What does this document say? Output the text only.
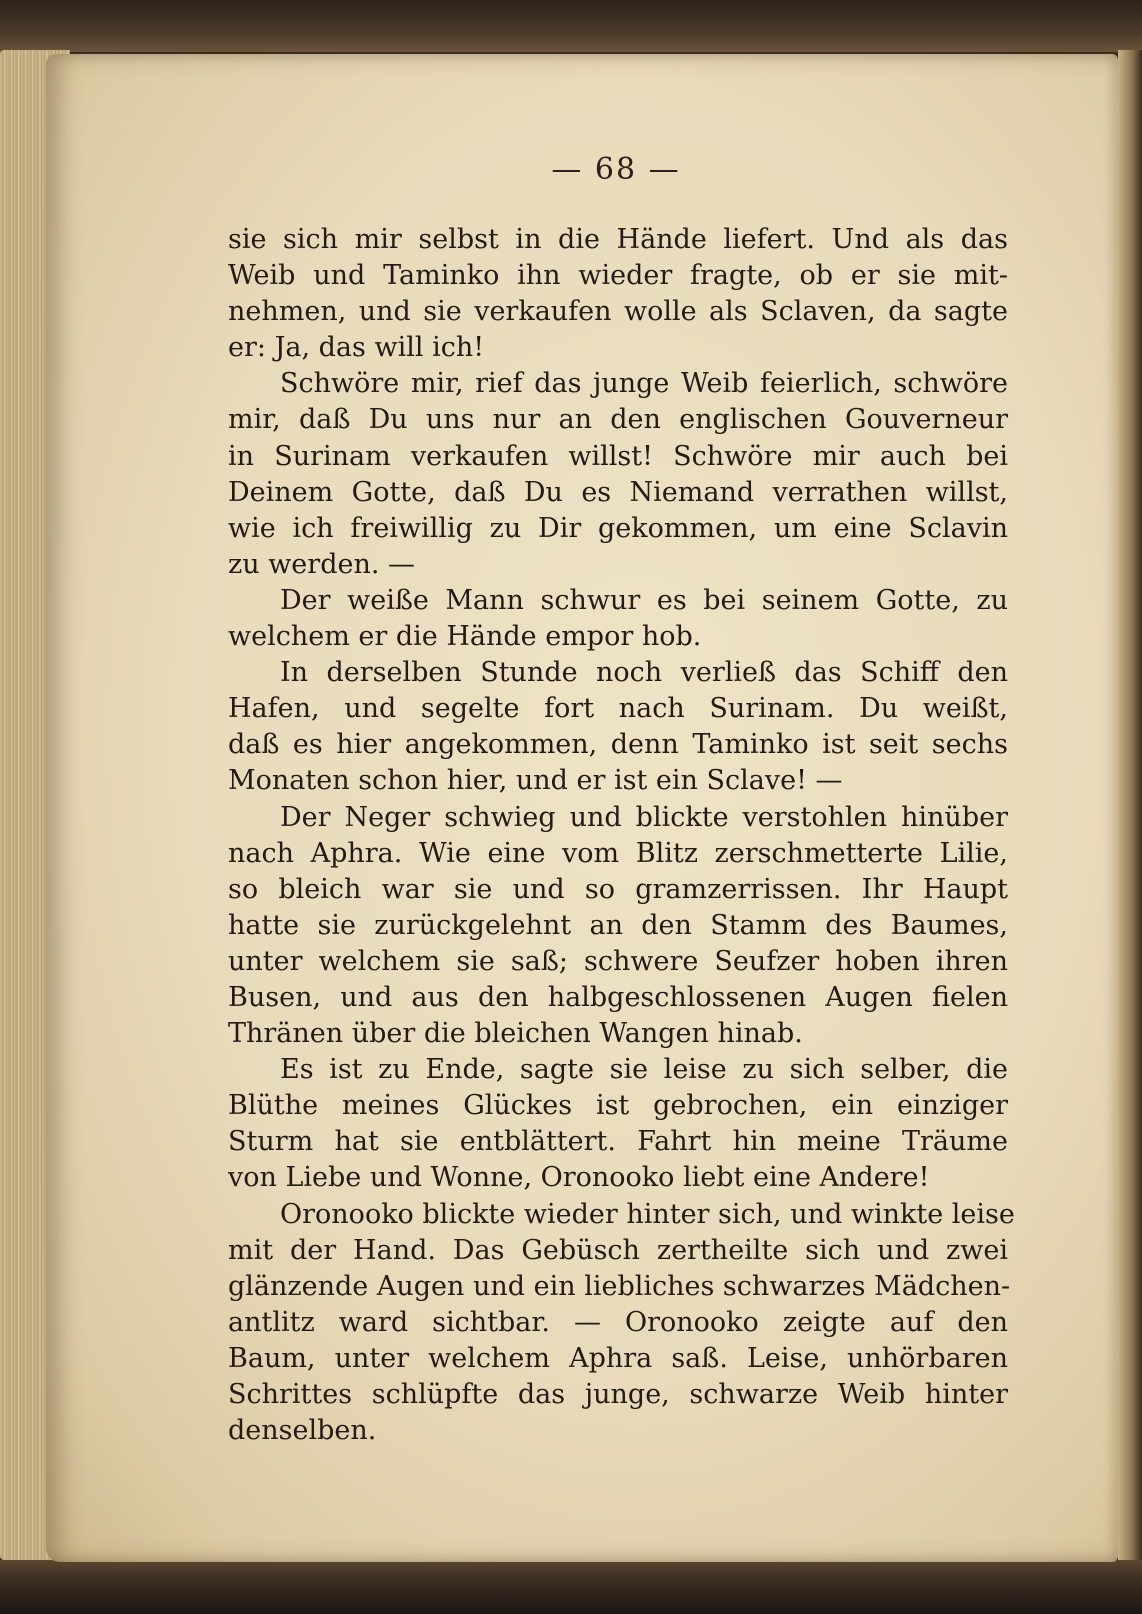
— 68 —
sie sich mir selbst in die Hände liefert. Und als das
Weib und Taminko ihn wieder fragte, ob er sie mit-
nehmen, und sie verkaufen wolle als Sclaven, da sagte
er: Ja, das will ich!
Schwöre mir, rief das junge Weib feierlich, schwöre
mir, daß Du uns nur an den englischen Gouverneur
in Surinam verkaufen willst! Schwöre mir auch bei
Deinem Gotte, daß Du es Niemand verrathen willst,
wie ich freiwillig zu Dir gekommen, um eine Sclavin
zu werden. —
Der weiße Mann schwur es bei seinem Gotte, zu
welchem er die Hände empor hob.
In derselben Stunde noch verließ das Schiff den
Hafen, und segelte fort nach Surinam. Du weißt,
daß es hier angekommen, denn Taminko ist seit sechs
Monaten schon hier, und er ist ein Sclave! —
Der Neger schwieg und blickte verstohlen hinüber
nach Aphra. Wie eine vom Blitz zerschmetterte Lilie,
so bleich war sie und so gramzerrissen. Ihr Haupt
hatte sie zurückgelehnt an den Stamm des Baumes,
unter welchem sie saß; schwere Seufzer hoben ihren
Busen, und aus den halbgeschlossenen Augen fielen
Thränen über die bleichen Wangen hinab.
Es ist zu Ende, sagte sie leise zu sich selber, die
Blüthe meines Glückes ist gebrochen, ein einziger
Sturm hat sie entblättert. Fahrt hin meine Träume
von Liebe und Wonne, Oronooko liebt eine Andere!
Oronooko blickte wieder hinter sich, und winkte leise
mit der Hand. Das Gebüsch zertheilte sich und zwei
glänzende Augen und ein liebliches schwarzes Mädchen-
antlitz ward sichtbar. — Oronooko zeigte auf den
Baum, unter welchem Aphra saß. Leise, unhörbaren
Schrittes schlüpfte das junge, schwarze Weib hinter
denselben.
